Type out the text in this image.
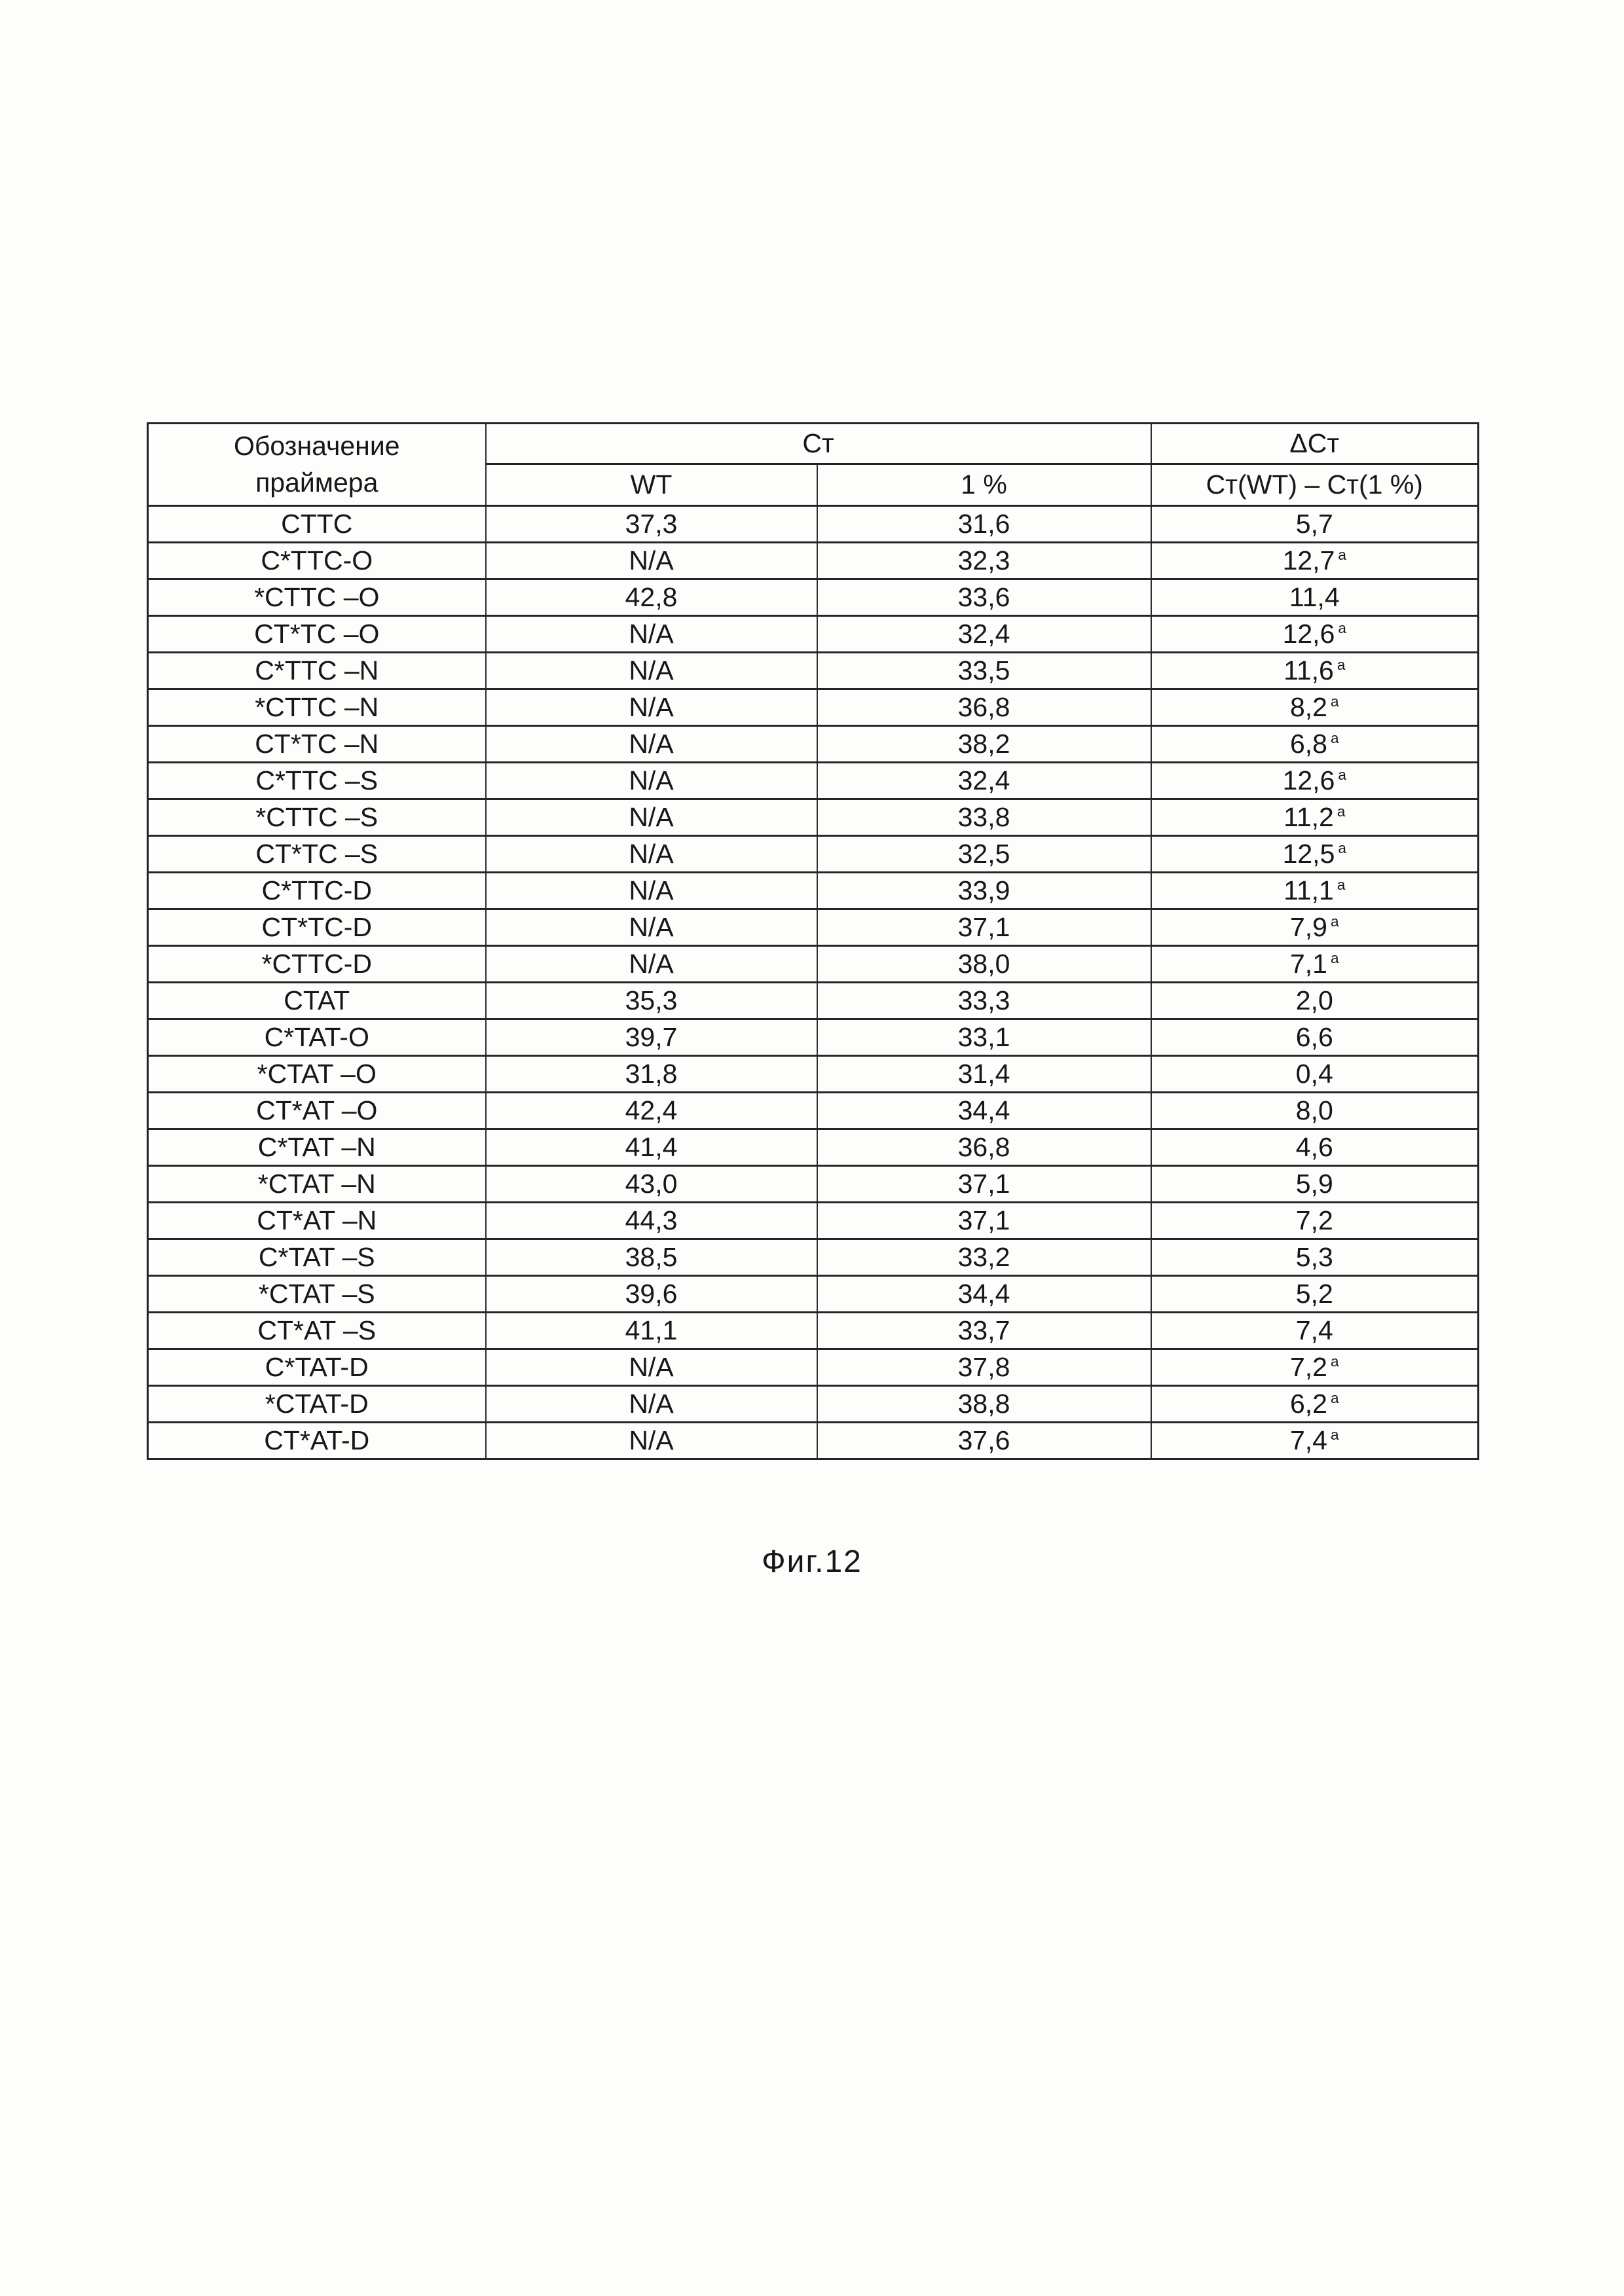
Обозначение
праймера	Ст		ΔСт
	WT	1 %	Ст(WT) – Ст(1 %)
CTTC	37,3	31,6	5,7
C*TTC-O	N/A	32,3	12,7 $^a$
*CTTC –O	42,8	33,6	11,4
CT*TC –O	N/A	32,4	12,6 $^a$
C*TTC –N	N/A	33,5	11,6 $^a$
*CTTC –N	N/A	36,8	8,2 $^a$
CT*TC –N	N/A	38,2	6,8 $^a$
C*TTC –S	N/A	32,4	12,6 $^a$
*CTTC –S	N/A	33,8	11,2 $^a$
CT*TC –S	N/A	32,5	12,5 $^a$
C*TTC-D	N/A	33,9	11,1 $^a$
CT*TC-D	N/A	37,1	7,9 $^a$
*CTTC-D	N/A	38,0	7,1 $^a$
CTAT	35,3	33,3	2,0
C*TAT-O	39,7	33,1	6,6
*CTAT –O	31,8	31,4	0,4
CT*AT –O	42,4	34,4	8,0
C*TAT –N	41,4	36,8	4,6
*CTAT –N	43,0	37,1	5,9
CT*AT –N	44,3	37,1	7,2
C*TAT –S	38,5	33,2	5,3
*CTAT –S	39,6	34,4	5,2
CT*AT –S	41,1	33,7	7,4
C*TAT-D	N/A	37,8	7,2 $^a$
*CTAT-D	N/A	38,8	6,2 $^a$
CT*AT-D	N/A	37,6	7,4 $^a$
Фиг.12
